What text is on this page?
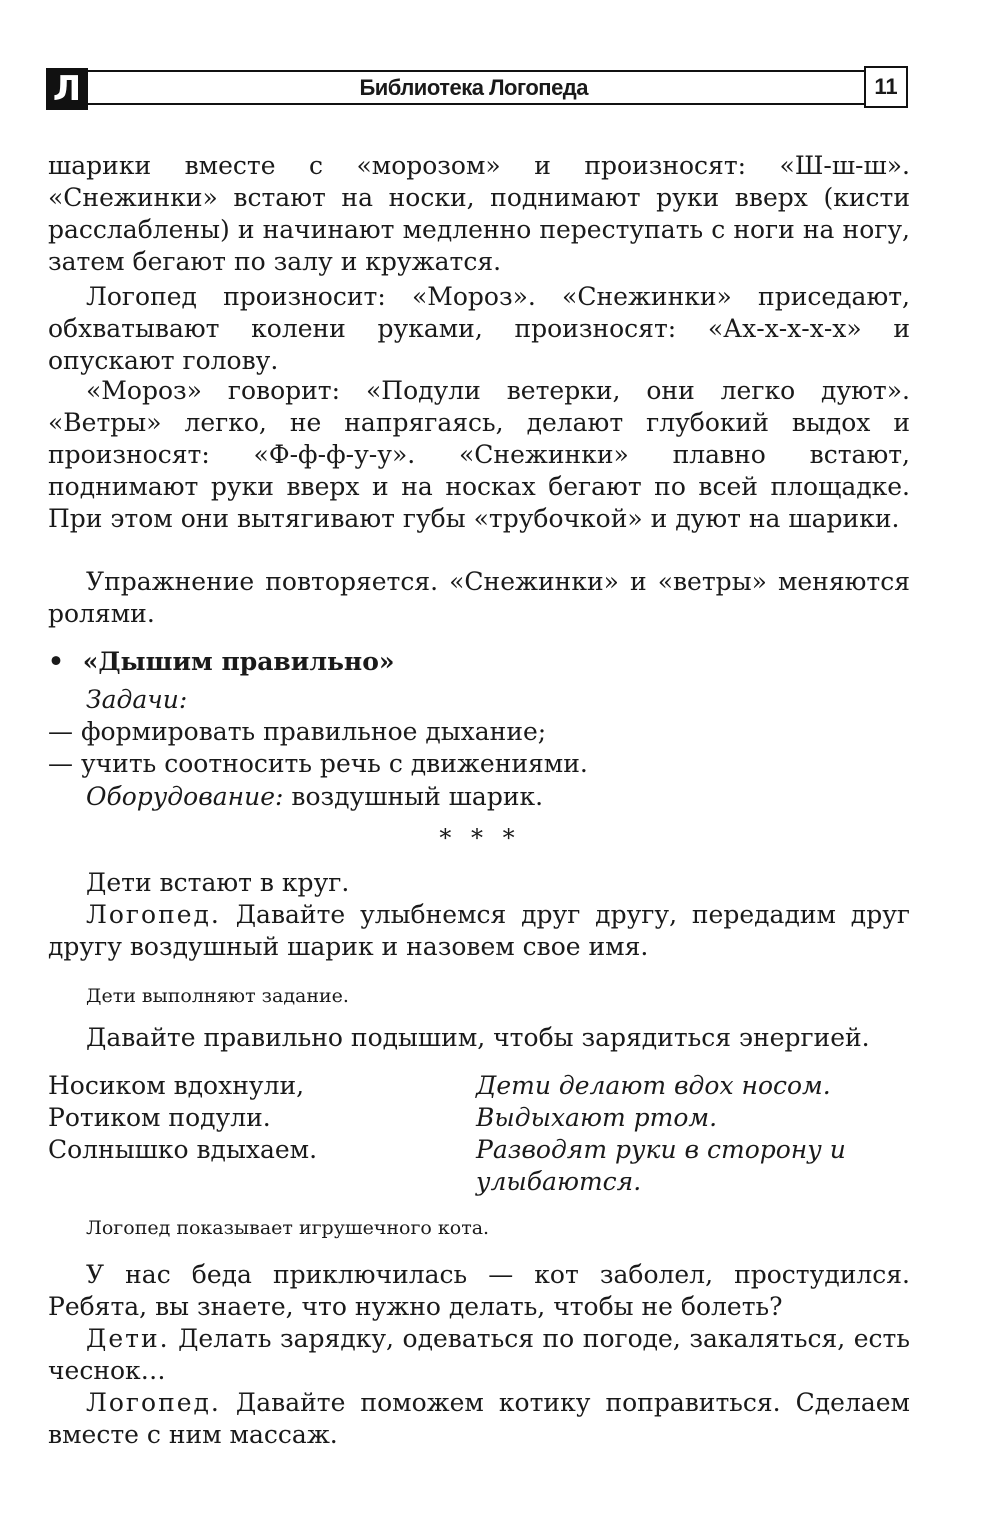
Л	Библиотека Логопеда	11

шарики вместе с «морозом» и произносят: «Ш-ш-ш». «Снежинки» встают на носки, поднимают руки вверх (кисти расслаблены) и начинают медленно переступать с ноги на ногу, затем бегают по залу и кружатся.

Логопед произносит: «Мороз». «Снежинки» приседают, обхватывают колени руками, произносят: «Ах-х-х-х-х» и опускают голову.

«Мороз» говорит: «Подули ветерки, они легко дуют». «Ветры» легко, не напрягаясь, делают глубокий выдох и произносят: «Ф-ф-ф-у-у». «Снежинки» плавно встают, поднимают руки вверх и на носках бегают по всей площадке. При этом они вытягивают губы «трубочкой» и дуют на шарики.

Упражнение повторяется. «Снежинки» и «ветры» меняются ролями.

• «Дышим правильно»
Задачи:
— формировать правильное дыхание;
— учить соотносить речь с движениями.
Оборудование: воздушный шарик.
* * *

Дети встают в круг.

Логопед. Давайте улыбнемся друг другу, передадим друг другу воздушный шарик и назовем свое имя.

Дети выполняют задание.

Давайте правильно подышим, чтобы зарядиться энергией.

Носиком вдохнули,

Ротиком подули.

Солнышко вдыхаем.

Дети делают вдох носом.

Выдыхают ртом.

Разводят руки в сторону и улыбаются.

Логопед показывает игрушечного кота.

У нас беда приключилась — кот заболел, простудился. Ребята, вы знаете, что нужно делать, чтобы не болеть?

Дети. Делать зарядку, одеваться по погоде, закаляться, есть чеснок…

Логопед. Давайте поможем котику поправиться. Сделаем вместе с ним массаж.
